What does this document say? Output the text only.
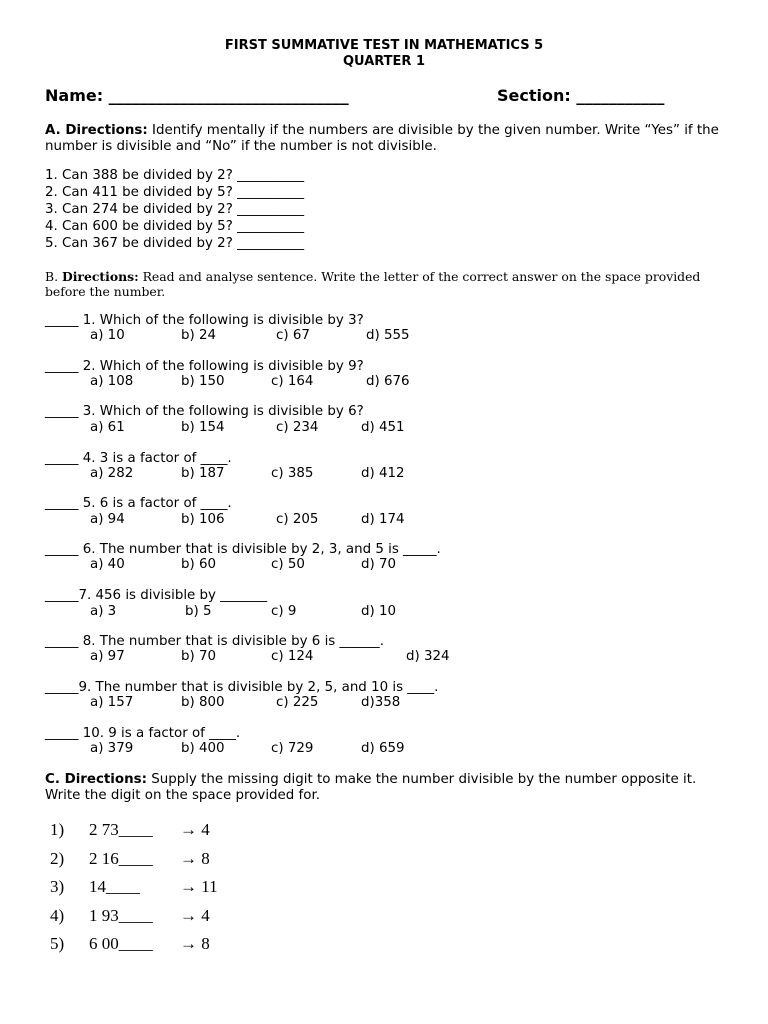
FIRST SUMMATIVE TEST IN MATHEMATICS 5
QUARTER 1
Name: ______________________________	Section: ___________
A. Directions: Identify mentally if the numbers are divisible by the given number. Write “Yes” if the number is divisible and “No” if the number is not divisible.
1. Can 388 be divided by 2? __________
2. Can 411 be divided by 5? __________
3. Can 274 be divided by 2? __________
4. Can 600 be divided by 5? __________
5. Can 367 be divided by 2? __________
B. Directions: Read and analyse sentence. Write the letter of the correct answer on the space provided before the number.
_____ 1. Which of the following is divisible by 3?
a) 10	b) 24	c) 67	d) 555
_____ 2. Which of the following is divisible by 9?
a) 108	b) 150	c) 164	d) 676
_____ 3. Which of the following is divisible by 6?
a) 61	b) 154	c) 234	d) 451
_____ 4. 3 is a factor of ____.
a) 282	b) 187	c) 385	d) 412
_____ 5. 6 is a factor of ____.
a) 94	b) 106	c) 205	d) 174
_____ 6. The number that is divisible by 2, 3, and 5 is _____.
a) 40	b) 60	c) 50	d) 70
_____7. 456 is divisible by _______
a) 3	b) 5	c) 9	d) 10
_____ 8. The number that is divisible by 6 is ______.
a) 97	b) 70	c) 124	d) 324
_____9. The number that is divisible by 2, 5, and 10 is ____.
a) 157	b) 800	c) 225	d)358
_____ 10. 9 is a factor of ____.
a) 379	b) 400	c) 729	d) 659
C. Directions: Supply the missing digit to make the number divisible by the number opposite it. Write the digit on the space provided for.
1) 2 73____ → 4
2) 2 16____ → 8
3) 14____ → 11
4) 1 93____ → 4
5) 6 00____ → 8
